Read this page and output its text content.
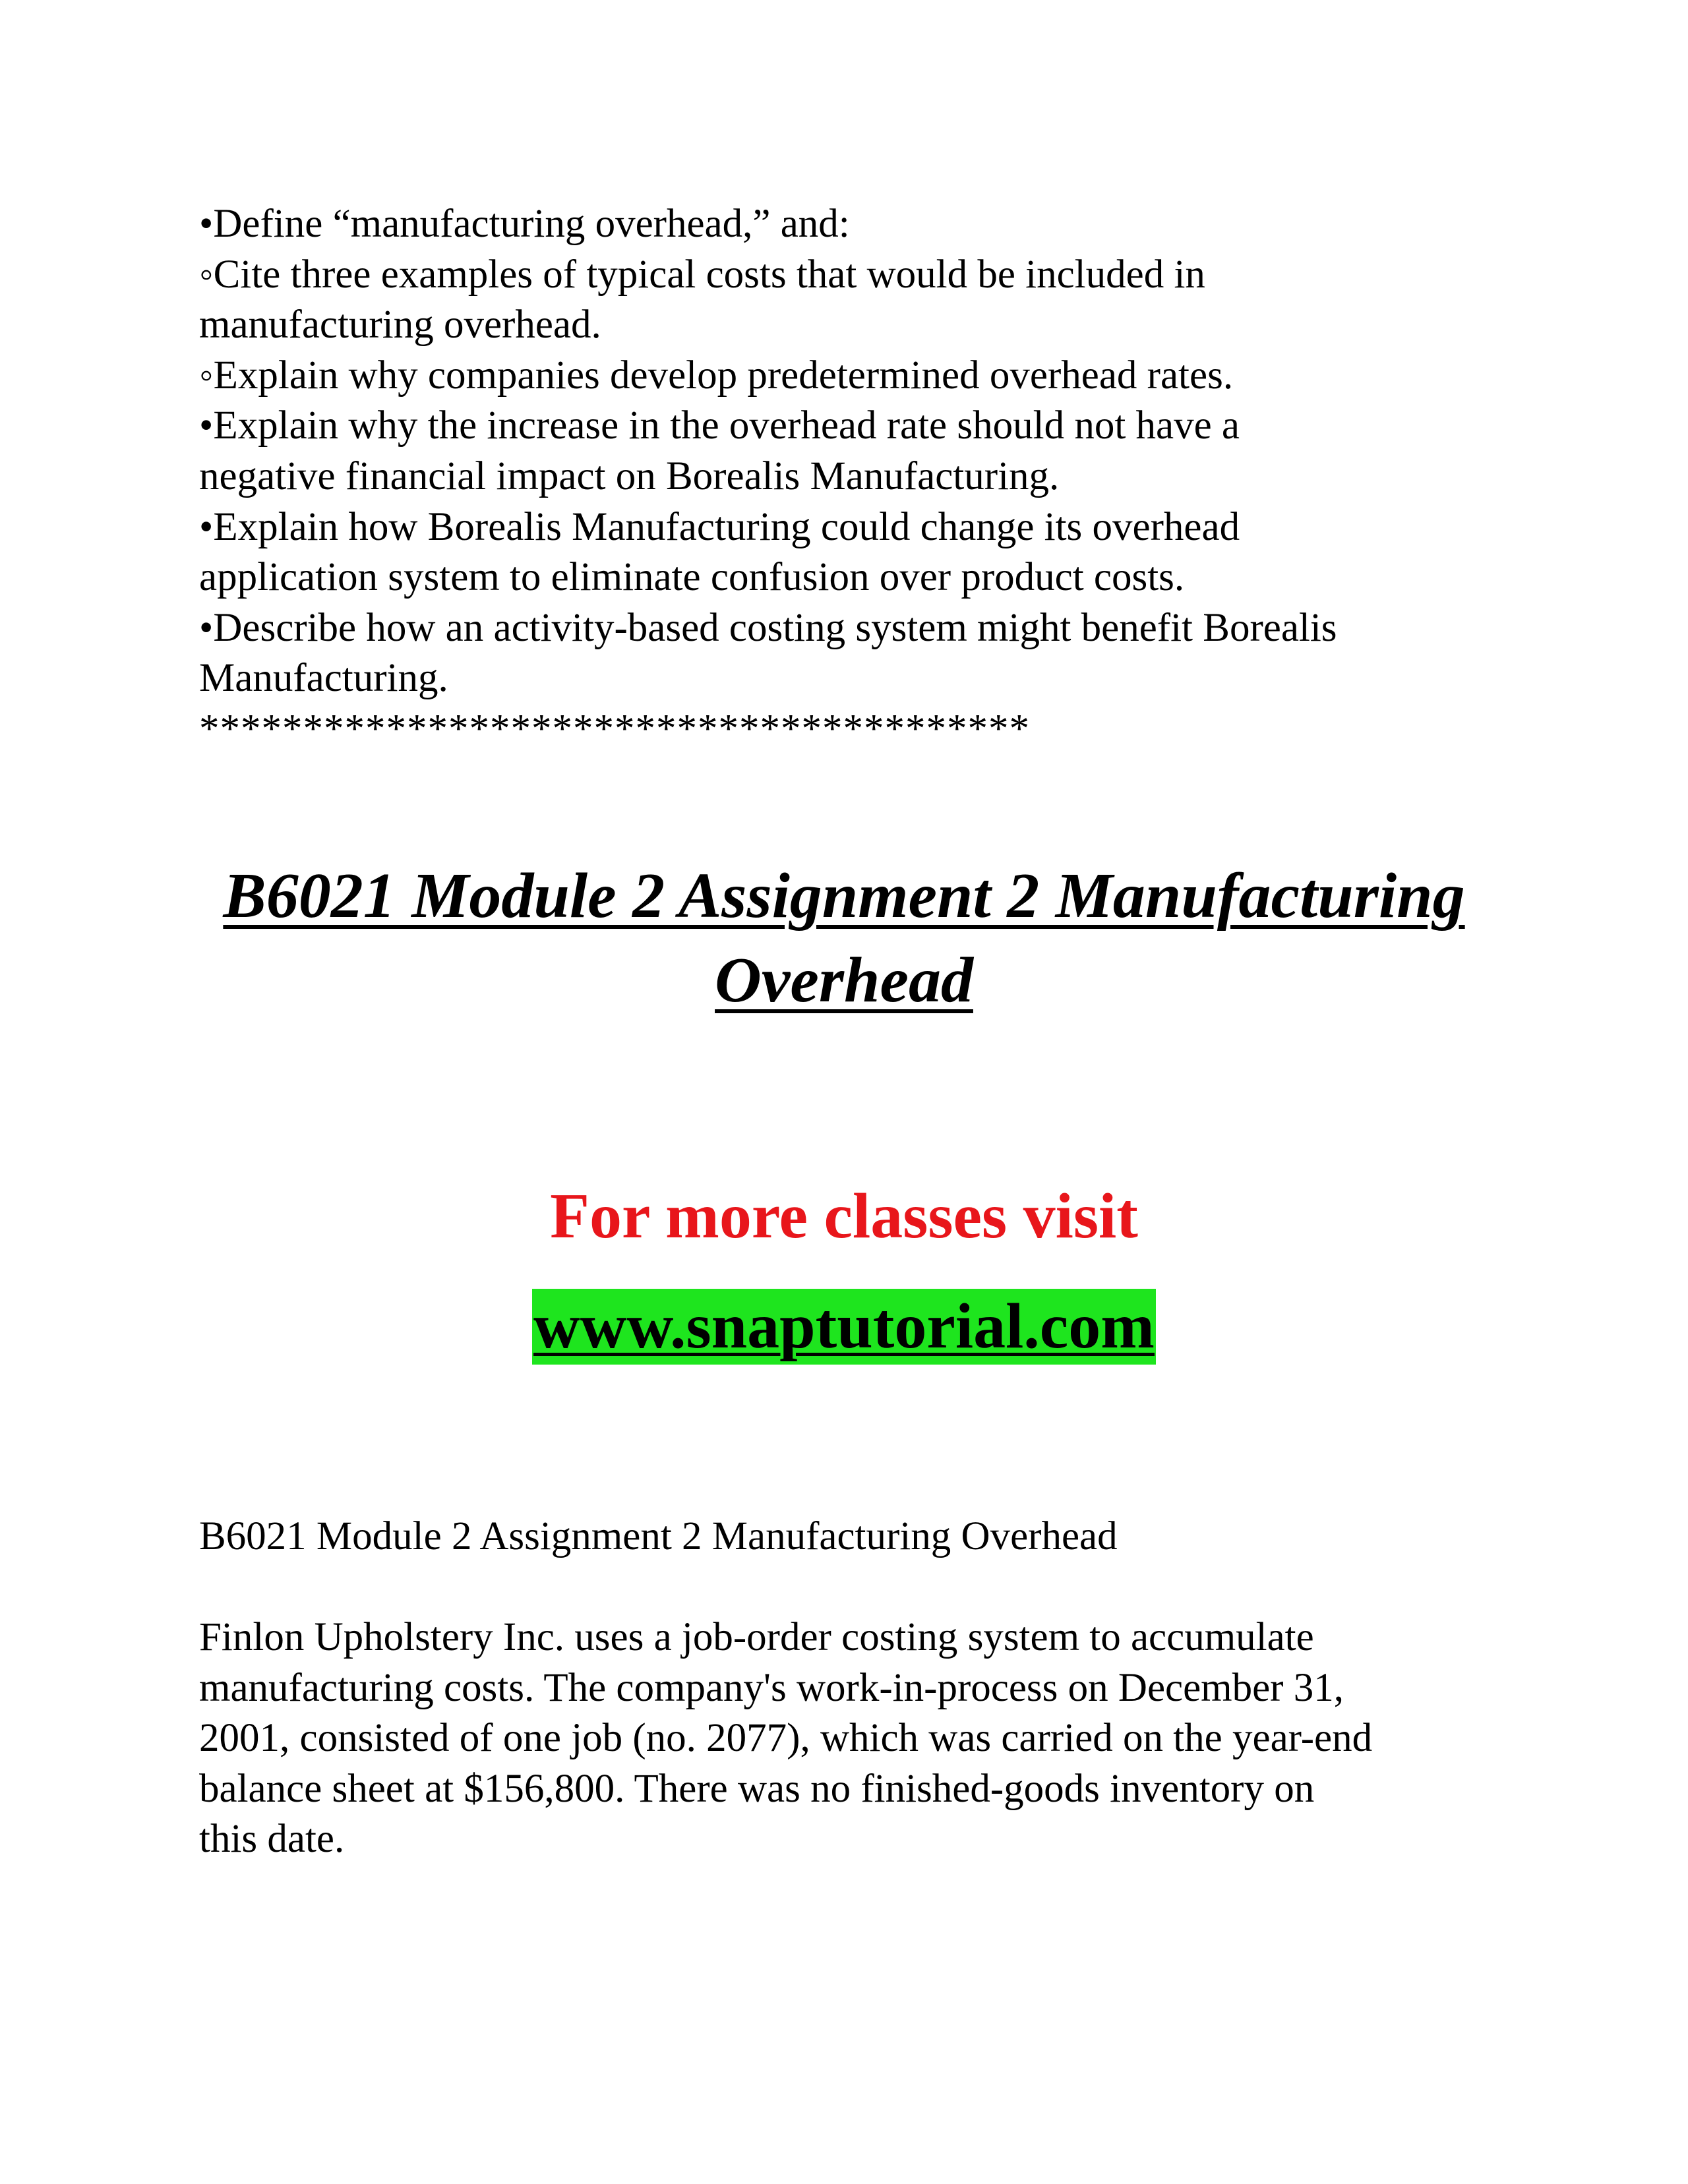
•Define “manufacturing overhead,” and:
◦Cite three examples of typical costs that would be included in
manufacturing overhead.
◦Explain why companies develop predetermined overhead rates.
•Explain why the increase in the overhead rate should not have a
negative financial impact on Borealis Manufacturing.
•Explain how Borealis Manufacturing could change its overhead
application system to eliminate confusion over product costs.
•Describe how an activity-based costing system might benefit Borealis
Manufacturing.
****************************************
B6021 Module 2 Assignment 2 Manufacturing
Overhead
For more classes visit
www.snaptutorial.com
B6021 Module 2 Assignment 2 Manufacturing Overhead
Finlon Upholstery Inc. uses a job-order costing system to accumulate
manufacturing costs. The company's work-in-process on December 31,
2001, consisted of one job (no. 2077), which was carried on the year-end
balance sheet at $156,800. There was no finished-goods inventory on
this date.
